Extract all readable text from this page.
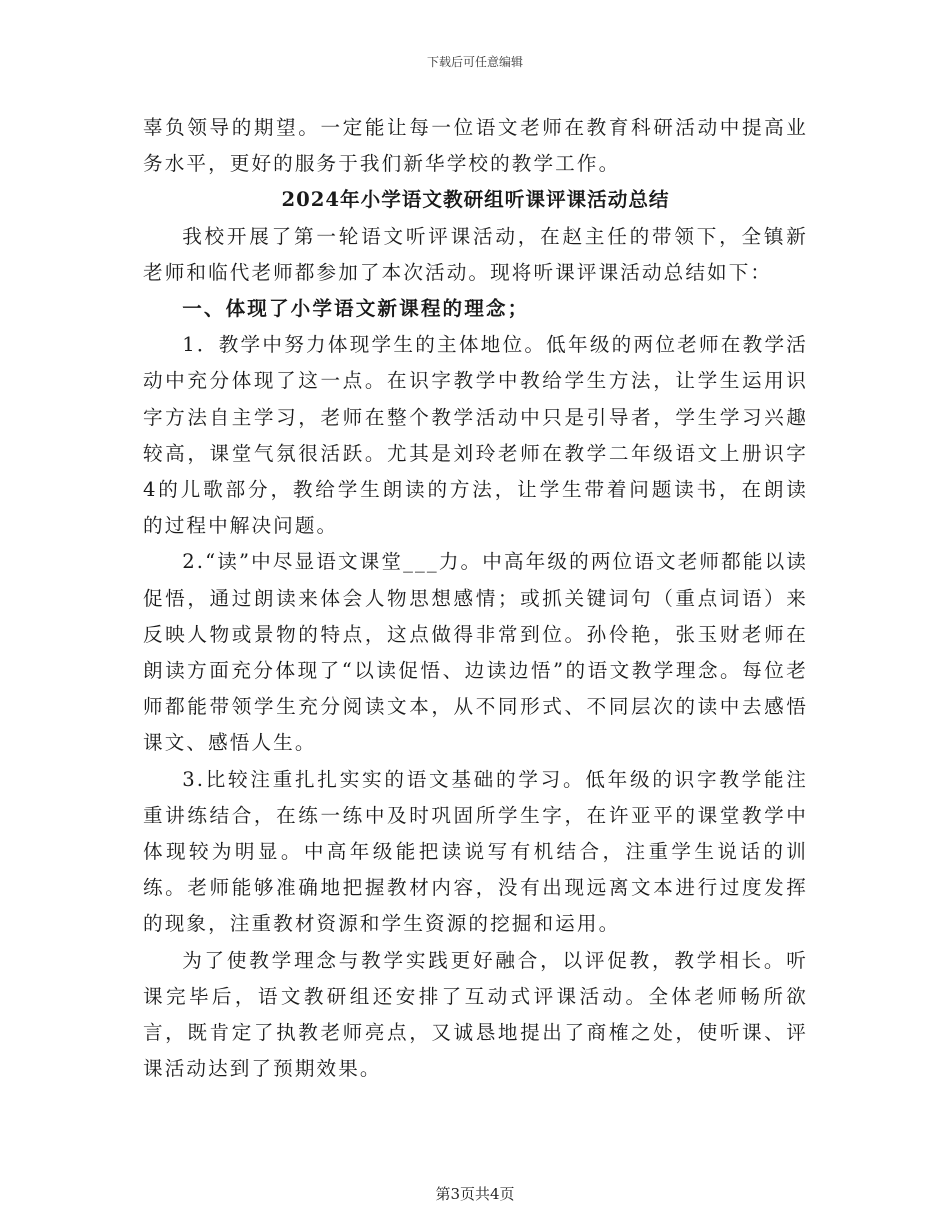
下载后可任意编辑

辜负领导的期望。一定能让每一位语文老师在教育科研活动中提高业务水平，更好的服务于我们新华学校的教学工作。

2024年小学语文教研组听课评课活动总结

我校开展了第一轮语文听评课活动，在赵主任的带领下，全镇新老师和临代老师都参加了本次活动。现将听课评课活动总结如下：

一、体现了小学语文新课程的理念；

1．教学中努力体现学生的主体地位。低年级的两位老师在教学活动中充分体现了这一点。在识字教学中教给学生方法，让学生运用识字方法自主学习，老师在整个教学活动中只是引导者，学生学习兴趣较高，课堂气氛很活跃。尤其是刘玲老师在教学二年级语文上册识字4的儿歌部分，教给学生朗读的方法，让学生带着问题读书，在朗读的过程中解决问题。

2.“读”中尽显语文课堂___力。中高年级的两位语文老师都能以读促悟，通过朗读来体会人物思想感情；或抓关键词句（重点词语）来反映人物或景物的特点，这点做得非常到位。孙伶艳，张玉财老师在朗读方面充分体现了“以读促悟、边读边悟”的语文教学理念。每位老师都能带领学生充分阅读文本，从不同形式、不同层次的读中去感悟课文、感悟人生。

3.比较注重扎扎实实的语文基础的学习。低年级的识字教学能注重讲练结合，在练一练中及时巩固所学生字，在许亚平的课堂教学中体现较为明显。中高年级能把读说写有机结合，注重学生说话的训练。老师能够准确地把握教材内容，没有出现远离文本进行过度发挥的现象，注重教材资源和学生资源的挖掘和运用。

为了使教学理念与教学实践更好融合，以评促教，教学相长。听课完毕后，语文教研组还安排了互动式评课活动。全体老师畅所欲言，既肯定了执教老师亮点，又诚恳地提出了商榷之处，使听课、评课活动达到了预期效果。

第3页共4页
